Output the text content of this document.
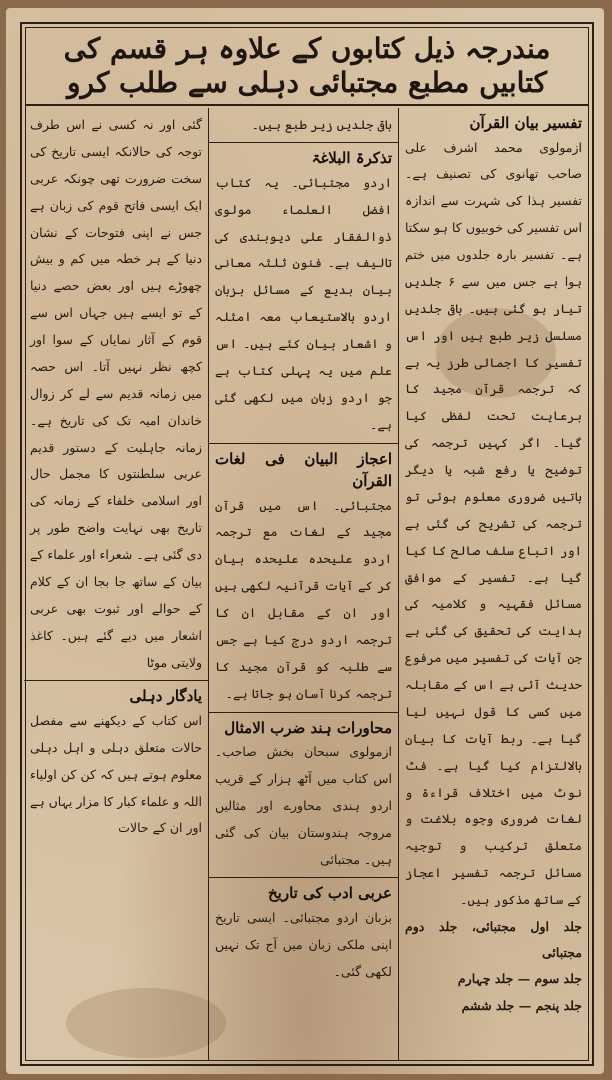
مندرجہ ذیل کتابوں کے علاوہ ہر قسم کی کتابیں مطبع مجتبائی دہلی سے طلب کرو
تفسیر بیان القرآن
ازمولوی محمد اشرف علی صاحب تھانوی کی تصنیف ہے۔ تفسیر ہذا کی شہرت سے اندازہ اس تفسیر کی خوبیوں کا ہو سکتا ہے۔ تفسیر بارہ جلدوں میں ختم ہوا ہے جس میں سے ۶ جلدیں تیار ہو گئی ہیں۔ باقی جلدیں مسلسل زیر طبع ہیں اور اس تفسیر کا اجمالی طرز یہ ہے کہ ترجمہ قرآن مجید کا برعایت تحت لفظی کیا گیا۔ اگر کہیں ترجمہ کی توضیح یا رفع شبہ یا دیگر باتیں ضروری معلوم ہوئی تو ترجمہ کی تشریح کی گئی ہے اور اتباع سلف صالح کا کیا گیا ہے۔ تفسیر کے موافق مسائل فقہیہ و کلامیہ کی ہدایت کی تحقیق کی گئی ہے جن آیات کی تفسیر میں مرفوع حدیث آئی ہے اس کے مقابلہ میں کسی کا قول نہیں لیا گیا ہے۔ ربط آیات کا بیان بالالتزام کیا گیا ہے۔ فٹ نوٹ میں اختلاف قراءۃ و لغات ضروری وجوہ بلاغت و متعلق ترکیب و توجیہ مسائل ترجمہ تفسیر اعجاز کے ساتھ مذکور ہیں۔
جلد اول مجتبائی، جلد دوم مجتبائی
جلد سوم — جلد چہارم
جلد پنجم — جلد ششم
باقی جلدیں زیر طبع ہیں۔
تذکرۃ البلاغۃ
اردو مجتبائی۔ یہ کتاب افضل العلماء مولوی ذوالفقار علی دیوبندی کی تالیف ہے۔ فنون ثلثہ معانی بیان بدیع کے مسائل بزبان اردو بالاستیعاب معہ امثلہ و اشعار بیان کئے ہیں۔ اس علم میں یہ پہلی کتاب ہے جو اردو زبان میں لکھی گئی ہے۔
اعجاز البیان فی لغات القرآن
مجتبائی۔ اس میں قرآن مجید کے لغات مع ترجمہ اردو علیحدہ علیحدہ بیان کر کے آیات قرآنیہ لکھی ہیں اور ان کے مقابل ان کا ترجمہ اردو درج کیا ہے جس سے طلبہ کو قرآن مجید کا ترجمہ کرنا آسان ہو جاتا ہے۔
محاورات ہند ضرب الامثال
ازمولوی سبحان بخش صاحب۔ اس کتاب میں آٹھ ہزار کے قریب اردو ہندی محاورے اور مثالیں مروجہ ہندوستان بیان کی گئی ہیں۔ مجتبائی
عربی ادب کی تاریخ
بزبان اردو مجتبائی۔ ایسی تاریخ اپنی ملکی زبان میں آج تک نہیں لکھی گئی۔
گئی اور نہ کسی نے اس طرف توجہ کی حالانکہ ایسی تاریخ کی سخت ضرورت تھی چونکہ عربی ایک ایسی فاتح قوم کی زبان ہے جس نے اپنی فتوحات کے نشان دنیا کے ہر خطہ میں کم و بیش چھوڑے ہیں اور بعض حصے دنیا کے تو ایسے ہیں جہاں اس سے قوم کے آثار نمایاں کے سوا اور کچھ نظر نہیں آتا۔ اس حصہ میں زمانہ قدیم سے لے کر زوال خاندان امیہ تک کی تاریخ ہے۔ زمانہ جاہلیت کے دستور قدیم عربی سلطنتوں کا مجمل حال اور اسلامی خلفاء کے زمانہ کی تاریخ بھی نہایت واضح طور پر دی گئی ہے۔ شعراء اور علماء کے بیان کے ساتھ جا بجا ان کے کلام کے حوالے اور ثبوت بھی عربی اشعار میں دیے گئے ہیں۔ کاغذ ولایتی موٹا
یادگار دہلی
اس کتاب کے دیکھنے سے مفصل حالات متعلق دہلی و اہل دہلی معلوم ہوتے ہیں کہ کن کن اولیاء اللہ و علماء کبار کا مزار یہاں ہے اور ان کے حالات
